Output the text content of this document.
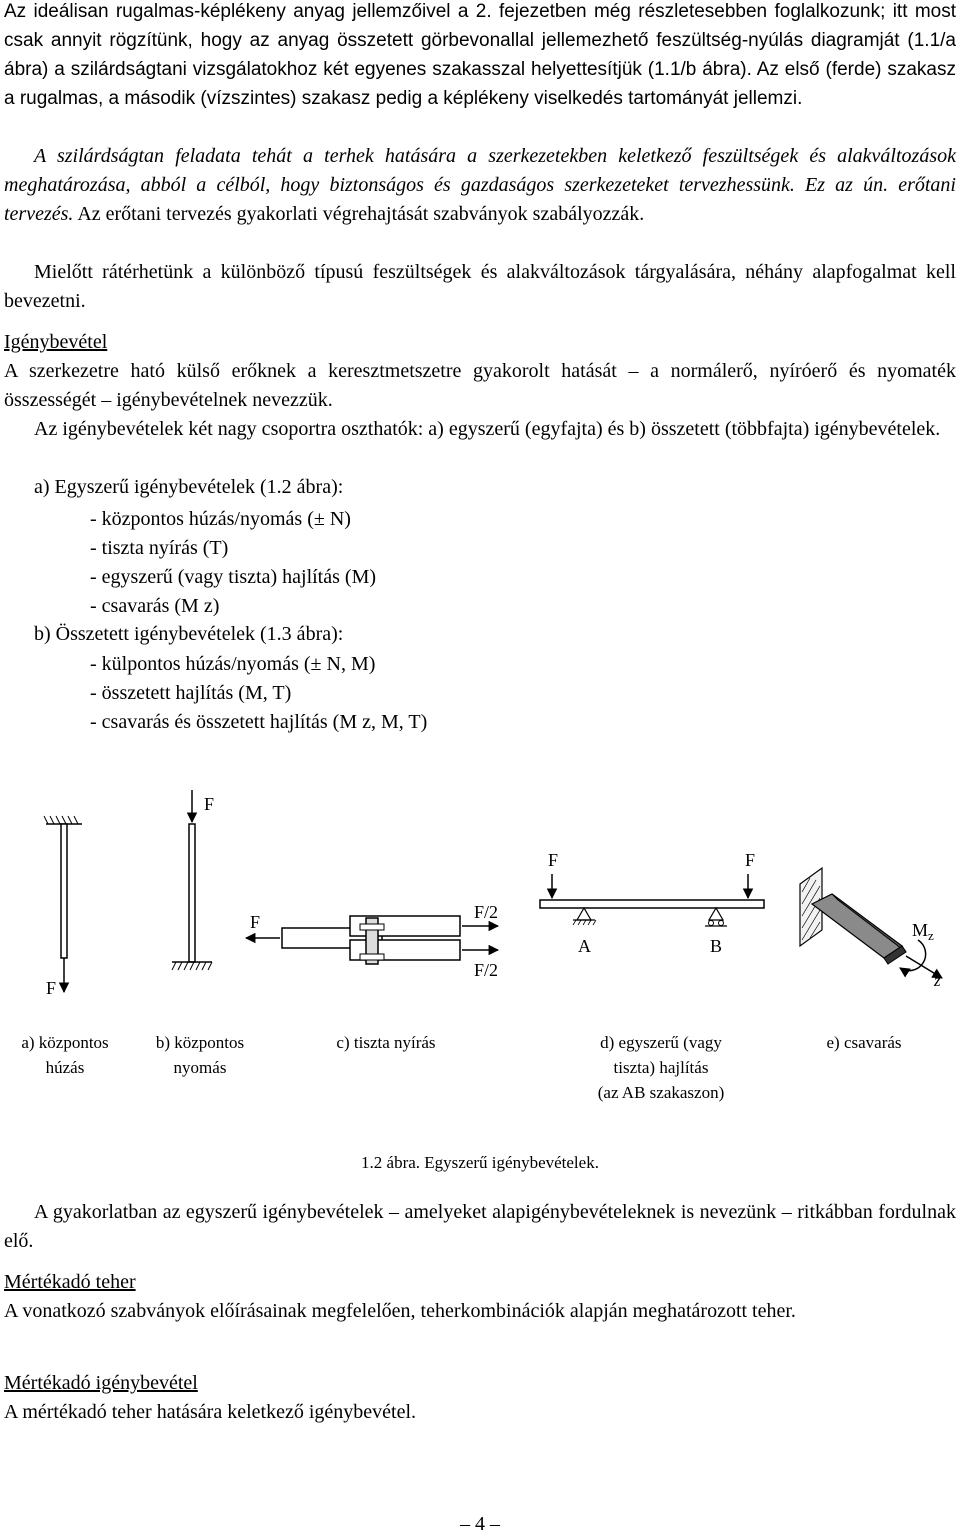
Az ideálisan rugalmas-képlékeny anyag jellemzőivel a 2. fejezetben még részletesebben foglalkozunk; itt most csak annyit rögzítünk, hogy az anyag összetett görbevonallal jellemezhető feszültség-nyúlás diagramját (1.1/a ábra) a szilárdságtani vizsgálatokhoz két egyenes szakasszal helyettesítjük (1.1/b ábra). Az első (ferde) szakasz a rugalmas, a második (vízszintes) szakasz pedig a képlékeny viselkedés tartományát jellemzi.

A szilárdságtan feladata tehát a terhek hatására a szerkezetekben keletkező feszültségek és alakváltozások meghatározása, abból a célból, hogy biztonságos és gazdaságos szerkezeteket tervezhessünk. Ez az ún. erőtani tervezés. Az erőtani tervezés gyakorlati végrehajtását szabványok szabályozzák.

Mielőtt rátérhetünk a különböző típusú feszültségek és alakváltozások tárgyalására, néhány alapfogalmat kell bevezetni.

Igénybevétel

A szerkezetre ható külső erőknek a keresztmetszetre gyakorolt hatását – a normálerő, nyíróerő és nyomaték összességét – igénybevételnek nevezzük.

Az igénybevételek két nagy csoportra oszthatók: a) egyszerű (egyfajta) és b) összetett (többfajta) igénybevételek.

a) Egyszerű igénybevételek (1.2 ábra):

- központos húzás/nyomás (± N)

- tiszta nyírás (T)

- egyszerű (vagy tiszta) hajlítás (M)

- csavarás (M z)

b) Összetett igénybevételek (1.3 ábra):

- külpontos húzás/nyomás (± N, M)

- összetett hajlítás (M, T)

- csavarás és összetett hajlítás (M z, M, T)

F
F
F	F/2
F/2
F	F
A	B
$M_z$
z
a) központos
húzás
b) központos
nyomás
c) tiszta nyírás	d) egyszerű (vagy
tiszta) hajlítás
(az AB szakaszon)
e) csavarás
1.2 ábra. Egyszerű igénybevételek.

A gyakorlatban az egyszerű igénybevételek – amelyeket alapigénybevételeknek is nevezünk – ritkábban fordulnak elő.

Mértékadó teher

A vonatkozó szabványok előírásainak megfelelően, teherkombinációk alapján meghatározott teher.

Mértékadó igénybevétel

A mértékadó teher hatására keletkező igénybevétel.

– 4 –
